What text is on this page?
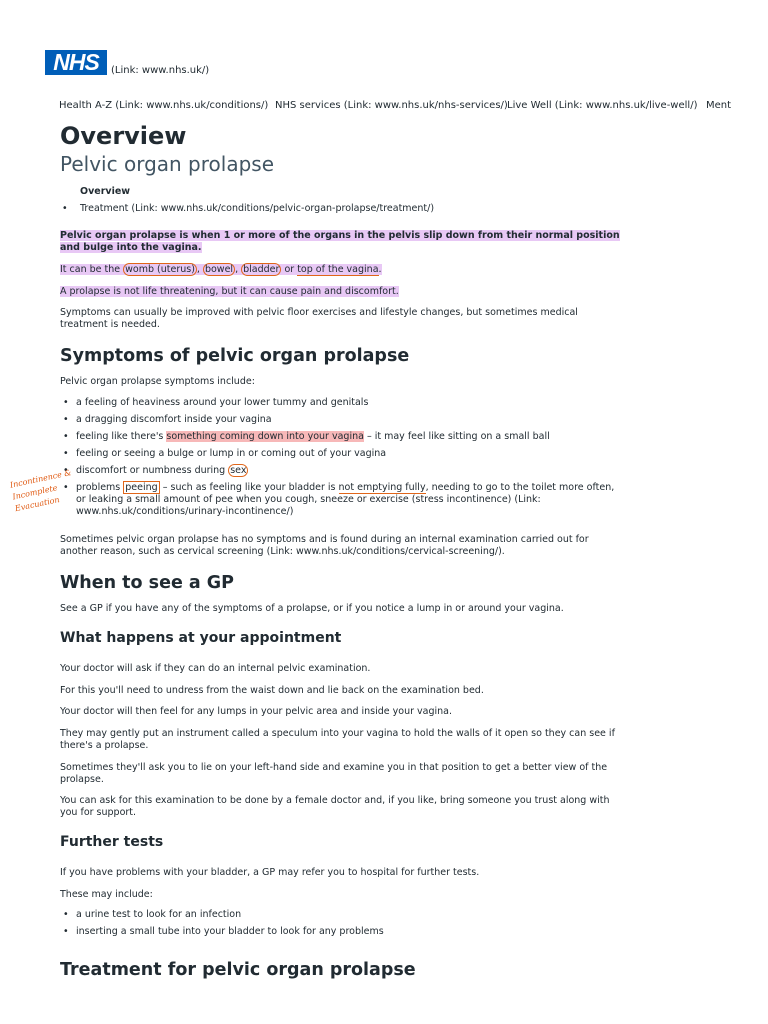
NHS	(Link: www.nhs.uk/)
Health A-Z (Link: www.nhs.uk/conditions/) NHS services (Link: www.nhs.uk/nhs-services/) Live Well (Link: www.nhs.uk/live-well/) Ment
Overview
Pelvic organ prolapse
Overview
• Treatment (Link: www.nhs.uk/conditions/pelvic-organ-prolapse/treatment/)
Pelvic organ prolapse is when 1 or more of the organs in the pelvis slip down from their normal position and bulge into the vagina.
It can be the womb (uterus) , bowel , bladder or top of the vagina.
A prolapse is not life threatening, but it can cause pain and discomfort.
Symptoms can usually be improved with pelvic floor exercises and lifestyle changes, but sometimes medical treatment is needed.
Symptoms of pelvic organ prolapse
Pelvic organ prolapse symptoms include:
• a feeling of heaviness around your lower tummy and genitals
• a dragging discomfort inside your vagina
• feeling like there's something coming down into your vagina – it may feel like sitting on a small ball
• feeling or seeing a bulge or lump in or coming out of your vagina
• discomfort or numbness during sex
• problems peeing – such as feeling like your bladder is not emptying fully, needing to go to the toilet more often, or leaking a small amount of pee when you cough, sneeze or exercise (stress incontinence) (Link: www.nhs.uk/conditions/urinary-incontinence/)
Incontinence & Incomplete Evacuation
Sometimes pelvic organ prolapse has no symptoms and is found during an internal examination carried out for another reason, such as cervical screening (Link: www.nhs.uk/conditions/cervical-screening/).
When to see a GP
See a GP if you have any of the symptoms of a prolapse, or if you notice a lump in or around your vagina.
What happens at your appointment
Your doctor will ask if they can do an internal pelvic examination.
For this you'll need to undress from the waist down and lie back on the examination bed.
Your doctor will then feel for any lumps in your pelvic area and inside your vagina.
They may gently put an instrument called a speculum into your vagina to hold the walls of it open so they can see if there's a prolapse.
Sometimes they'll ask you to lie on your left-hand side and examine you in that position to get a better view of the prolapse.
You can ask for this examination to be done by a female doctor and, if you like, bring someone you trust along with you for support.
Further tests
If you have problems with your bladder, a GP may refer you to hospital for further tests.
These may include:
• a urine test to look for an infection
• inserting a small tube into your bladder to look for any problems
Treatment for pelvic organ prolapse
